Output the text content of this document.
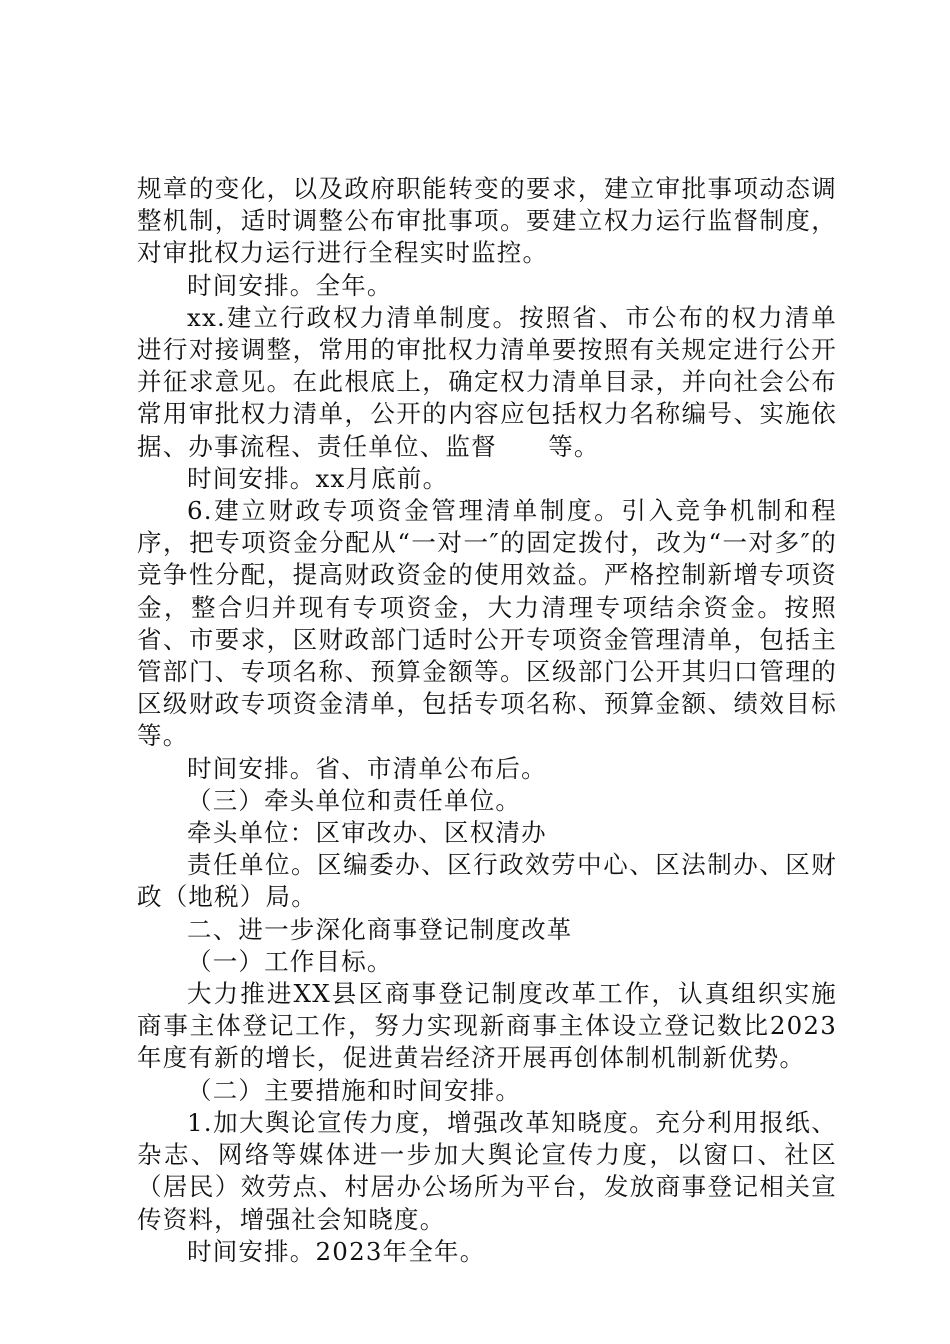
规章的变化，以及政府职能转变的要求，建立审批事项动态调整机制，适时调整公布审批事项。要建立权力运行监督制度，对审批权力运行进行全程实时监控。

时间安排。全年。

xx.建立行政权力清单制度。按照省、市公布的权力清单进行对接调整，常用的审批权力清单要按照有关规定进行公开并征求意见。在此根底上，确定权力清单目录，并向社会公布常用审批权力清单，公开的内容应包括权力名称编号、实施依据、办事流程、责任单位、监督　　等。

时间安排。xx月底前。

6.建立财政专项资金管理清单制度。引入竞争机制和程序，把专项资金分配从“一对一″的固定拨付，改为“一对多″的竞争性分配，提高财政资金的使用效益。严格控制新增专项资金，整合归并现有专项资金，大力清理专项结余资金。按照省、市要求，区财政部门适时公开专项资金管理清单，包括主管部门、专项名称、预算金额等。区级部门公开其归口管理的区级财政专项资金清单，包括专项名称、预算金额、绩效目标等。

时间安排。省、市清单公布后。

（三）牵头单位和责任单位。

牵头单位：区审改办、区权清办

责任单位。区编委办、区行政效劳中心、区法制办、区财政（地税）局。

二、进一步深化商事登记制度改革

（一）工作目标。

大力推进XX县区商事登记制度改革工作，认真组织实施商事主体登记工作，努力实现新商事主体设立登记数比2023年度有新的增长，促进黄岩经济开展再创体制机制新优势。

（二）主要措施和时间安排。

1.加大舆论宣传力度，增强改革知晓度。充分利用报纸、杂志、网络等媒体进一步加大舆论宣传力度，以窗口、社区（居民）效劳点、村居办公场所为平台，发放商事登记相关宣传资料，增强社会知晓度。

时间安排。2023年全年。
